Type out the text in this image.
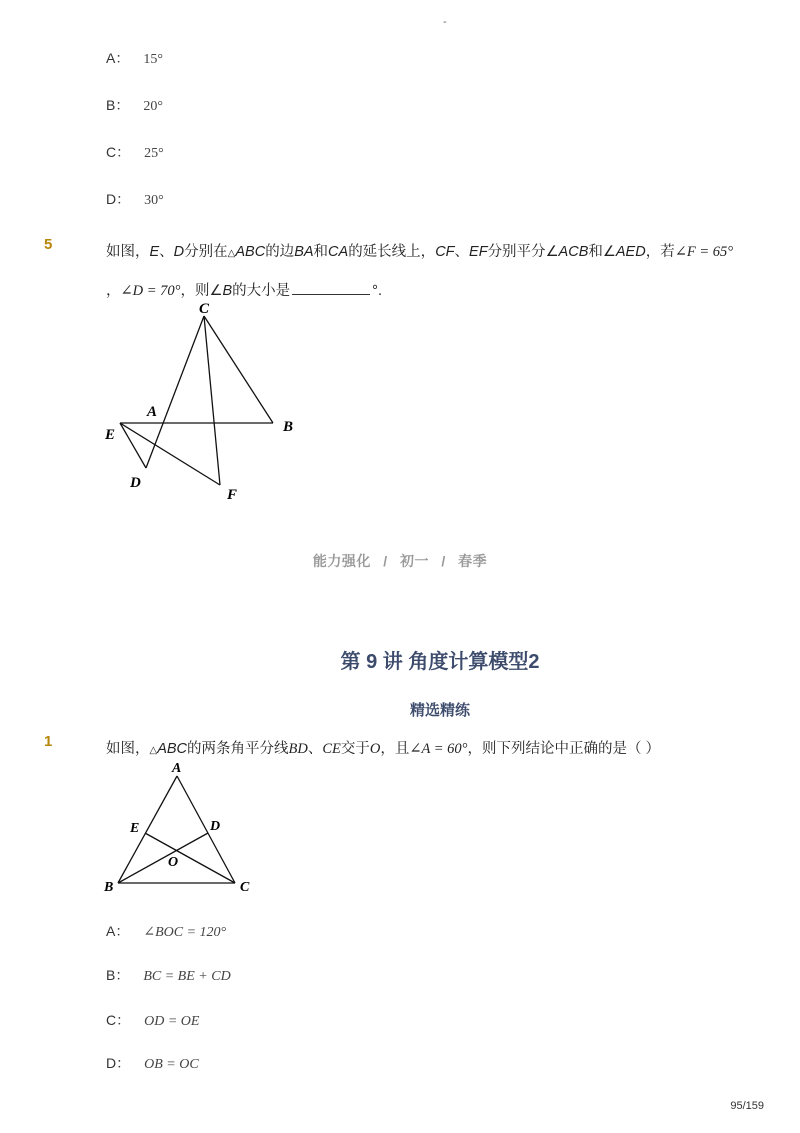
-
A： 15°
B： 20°
C： 25°
D： 30°
5	如图，E、D分别在△ABC的边BA和CA的延长线上，CF、EF分别平分∠ACB和∠AED，若∠F = 65°
，∠D = 70°，则∠B的大小是	°.
C
A
B
E
D
F
能力强化 / 初一 / 春季
第 9 讲 角度计算模型2
精选精练
1	如图，△ABC的两条角平分线BD、CE交于O，且∠A = 60°，则下列结论中正确的是（ ）
A
E	D
O
B	C
A： ∠BOC = 120°
B： BC = BE + CD
C： OD = OE
D： OB = OC
95/159
